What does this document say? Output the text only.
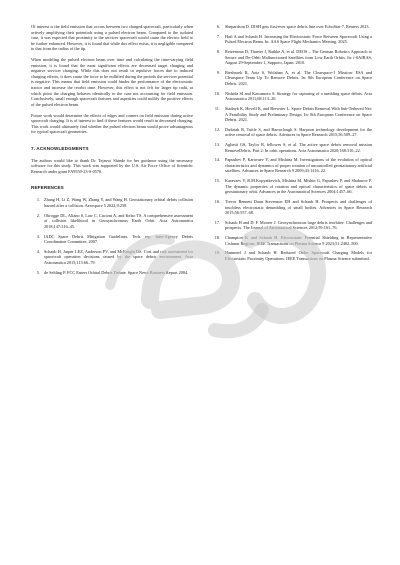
Of interest is the field emission that occurs between two charged spacecraft, particularly when actively amplifying their potentials using a pulsed electron beam. Compared to the isolated case, it was expected that proximity to the servicer spacecraft would cause the electric field to be further enhanced. However, it is found that while this effect exists, it is negligible compared to that from the radius of the tip.

When modeling the pulsed electron beam over time and calculating the time-varying field emission, it is found that the most significant effects are decreased target charging and negative servicer charging. While this does not result in repulsive forces due to induced charging effects, it does cause the force to be nullified during the periods the servicer potential is negative. This means that field emission could hinder the performance of the electrostatic tractor and increase the reorbit time. However, this effect is not felt for larger tip radii, at which point the charging behaves identically to the case not accounting for field emission. Conclusively, small enough spacecraft features and asperities could nullify the positive effects of the pulsed electron beam.

Future work would determine the effects of edges and corners on field emission during active spacecraft charging. It is of interest to find if these features would result in decreased charging. This work would ultimately find whether the pulsed electron beam would prove advantageous for typical spacecraft geometries.

7. ACKNOWLEDGMENTS

The authors would like to thank Dr. Tejaswi Shinde for her guidance using the necessary software for this study. This work was supported by the U.S. Air Force Office of Scientific Research under grant FA9550-23-S-0570.

REFERENCES
1. Zhang H, Li Z, Wang W, Zhang Y, and Wang H. Geostationary orbital debris collision hazard after a collision. Aerospace 5 2022;9:258.
2. Oltrogge DL, Alfano S, Law C, Cacioni A, and Kelso TS. A comprehensive assessment of collision likelihood in Geosynchronous Earth Orbit. Acta Astronautica 2018;147:316–45.
3. IADC Space Debris Mitigation Guidelines. Tech. rep. Inter-Agency Debris Coordination Committee, 2007.
4. Schaub H, Jasper LEZ, Anderson PV, and McKnight DS. Cost and risk assessment for spacecraft operation decisions caused by the space debris environment. Acta Astronautica 2015;113:66–79.
5. de Selding P. FCC Enters Orbital Debris Debate. Space News Business Report 2004.
6. Shepardson D. DISH gets first-ever space debris fine over EchoStar-7. Reuters 2023.
7. Hafi A and Schaub H. Increasing the Electrostatic Force Between Spacecraft Using a Pulsed Electron Beam. In: AAS Space Flight Mechanics Meeting. 2025.
8. Reizensma D, Thaeter J, Rathke A, et al. DEOS – The German Robotics Approach to Secure and De-Orbit Malfunctioned Satellites from Low Earth Orbits. In: i-SAIRAS, August 29-September 1, Sapporo, Japan. 2010.
9. Biesbroek R, Aziz S, Wolahan A, et al. The Clearspace-1 Mission: ESA and Clearspace Team Up To Remove Debris. In: 8th European Conference on Space Debris. 2021.
10. Nishida SI and Kawamoto S. Strategy for capturing of a tumbling space debris. Acta Astronautica 2011;68:113–20.
11. Stadnyk K, Hovell K, and Brewster L. Space Debris Removal With Sub-Tethered Net: A Feasibility Study and Preliminary Design. In: 8th European Conference on Space Debris. 2021.
12. Dudziak R, Tuttle S, and Barraclough S. Harpoon technology development for the active removal of space debris. Advances in Space Research 2015;56:509–27.
13. Aglietti GS, Taylor B, fellowes S, et al. The active space debris removal mission RemoveDebris. Part 2: In orbit operations. Acta Astronautica 2020;168:310–22.
14. Papushev P, Karavaev Y, and Mishina M. Investigations of the evolution of optical characteristics and dynamics of proper rotation of uncontrolled geostationary artificial satellites. Advances in Space Research 9 2009;43:1416–22.
15. Karavaev Y, R.M.Kopyatkevich, Mishina M, Mishin G, Papushev P, and Shaburov P. The dynamic properties of rotation and optical characteristics of space debris at geostationary orbit. Advances in the Astronautical Sciences 2004:1457–66.
16. Trevor Bennett Daan Stevenson EH and Schaub H. Prospects and challenges of touchless electrostatic detumbling of small bodies. Advances in Space Research 2015;56:557–68.
17. Schaub H and D. F. Moorer J. Geosynchronous large debris reorbiter: Challenges and prospects. The Journal of Astronautical Sciences 2012;59:161–76.
18. Champion K and Schaub H. Electrostatic Potential Shielding in Representative Cislunar Regions. IEEE Transactions on Plasma Science 9 2023;51:2482–500.
19. Hammerl J and Schaub H. Reduced Order Spacecraft Charging Models for Electrostatic Proximity Operations. IEEE Transactions on Plasma Science submitted.
